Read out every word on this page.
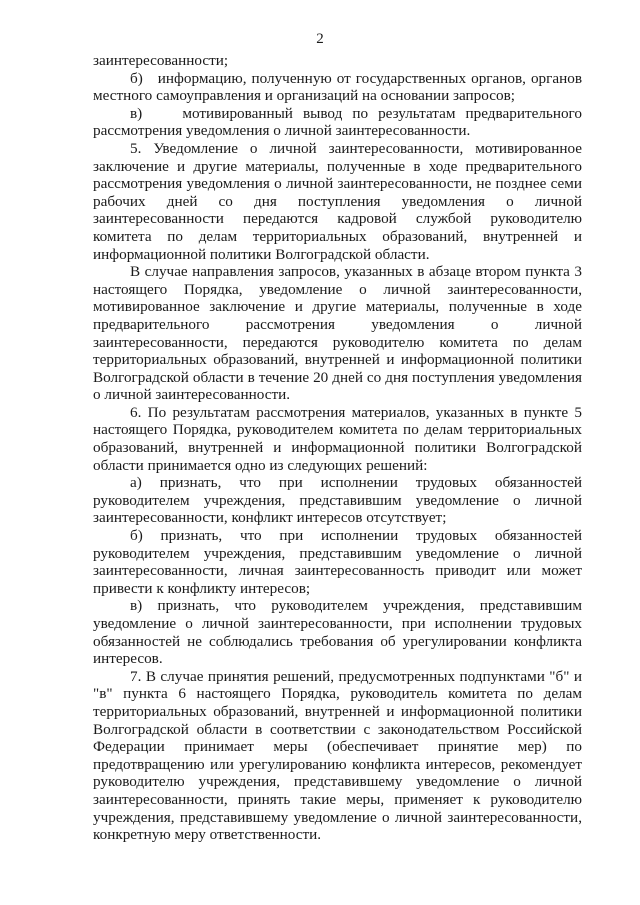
2

заинтересованности;

б)   информацию, полученную от государственных органов, органов местного самоуправления и организаций на основании запросов;

в)    мотивированный вывод по результатам предварительного рассмотрения уведомления о личной заинтересованности.

5. Уведомление о личной заинтересованности, мотивированное заключение и другие материалы, полученные в ходе предварительного рассмотрения уведомления о личной заинтересованности, не позднее семи рабочих дней со дня поступления уведомления о личной заинтересованности передаются кадровой службой руководителю комитета по делам территориальных образований, внутренней и информационной политики Волгоградской области.

В случае направления запросов, указанных в абзаце втором пункта 3 настоящего Порядка, уведомление о личной заинтересованности, мотивированное заключение и другие материалы, полученные в ходе предварительного рассмотрения уведомления о личной заинтересованности, передаются руководителю комитета по делам территориальных образований, внутренней и информационной политики Волгоградской области в течение 20 дней со дня поступления уведомления о личной заинтересованности.

6. По результатам рассмотрения материалов, указанных в пункте 5 настоящего Порядка, руководителем комитета по делам территориальных образований, внутренней и информационной политики Волгоградской области принимается одно из следующих решений:

а) признать, что при исполнении трудовых обязанностей руководителем учреждения, представившим уведомление о личной заинтересованности, конфликт интересов отсутствует;

б) признать, что при исполнении трудовых обязанностей руководителем учреждения, представившим уведомление о личной заинтересованности, личная заинтересованность приводит или может привести к конфликту интересов;

в) признать, что руководителем учреждения, представившим уведомление о личной заинтересованности, при исполнении трудовых обязанностей не соблюдались требования об урегулировании конфликта интересов.

7. В случае принятия решений, предусмотренных подпунктами "б" и "в" пункта 6 настоящего Порядка, руководитель комитета по делам территориальных образований, внутренней и информационной политики Волгоградской области в соответствии с законодательством Российской Федерации принимает меры (обеспечивает принятие мер) по предотвращению или урегулированию конфликта интересов, рекомендует руководителю учреждения, представившему уведомление о личной заинтересованности, принять такие меры, применяет к руководителю учреждения, представившему уведомление о личной заинтересованности, конкретную меру ответственности.
